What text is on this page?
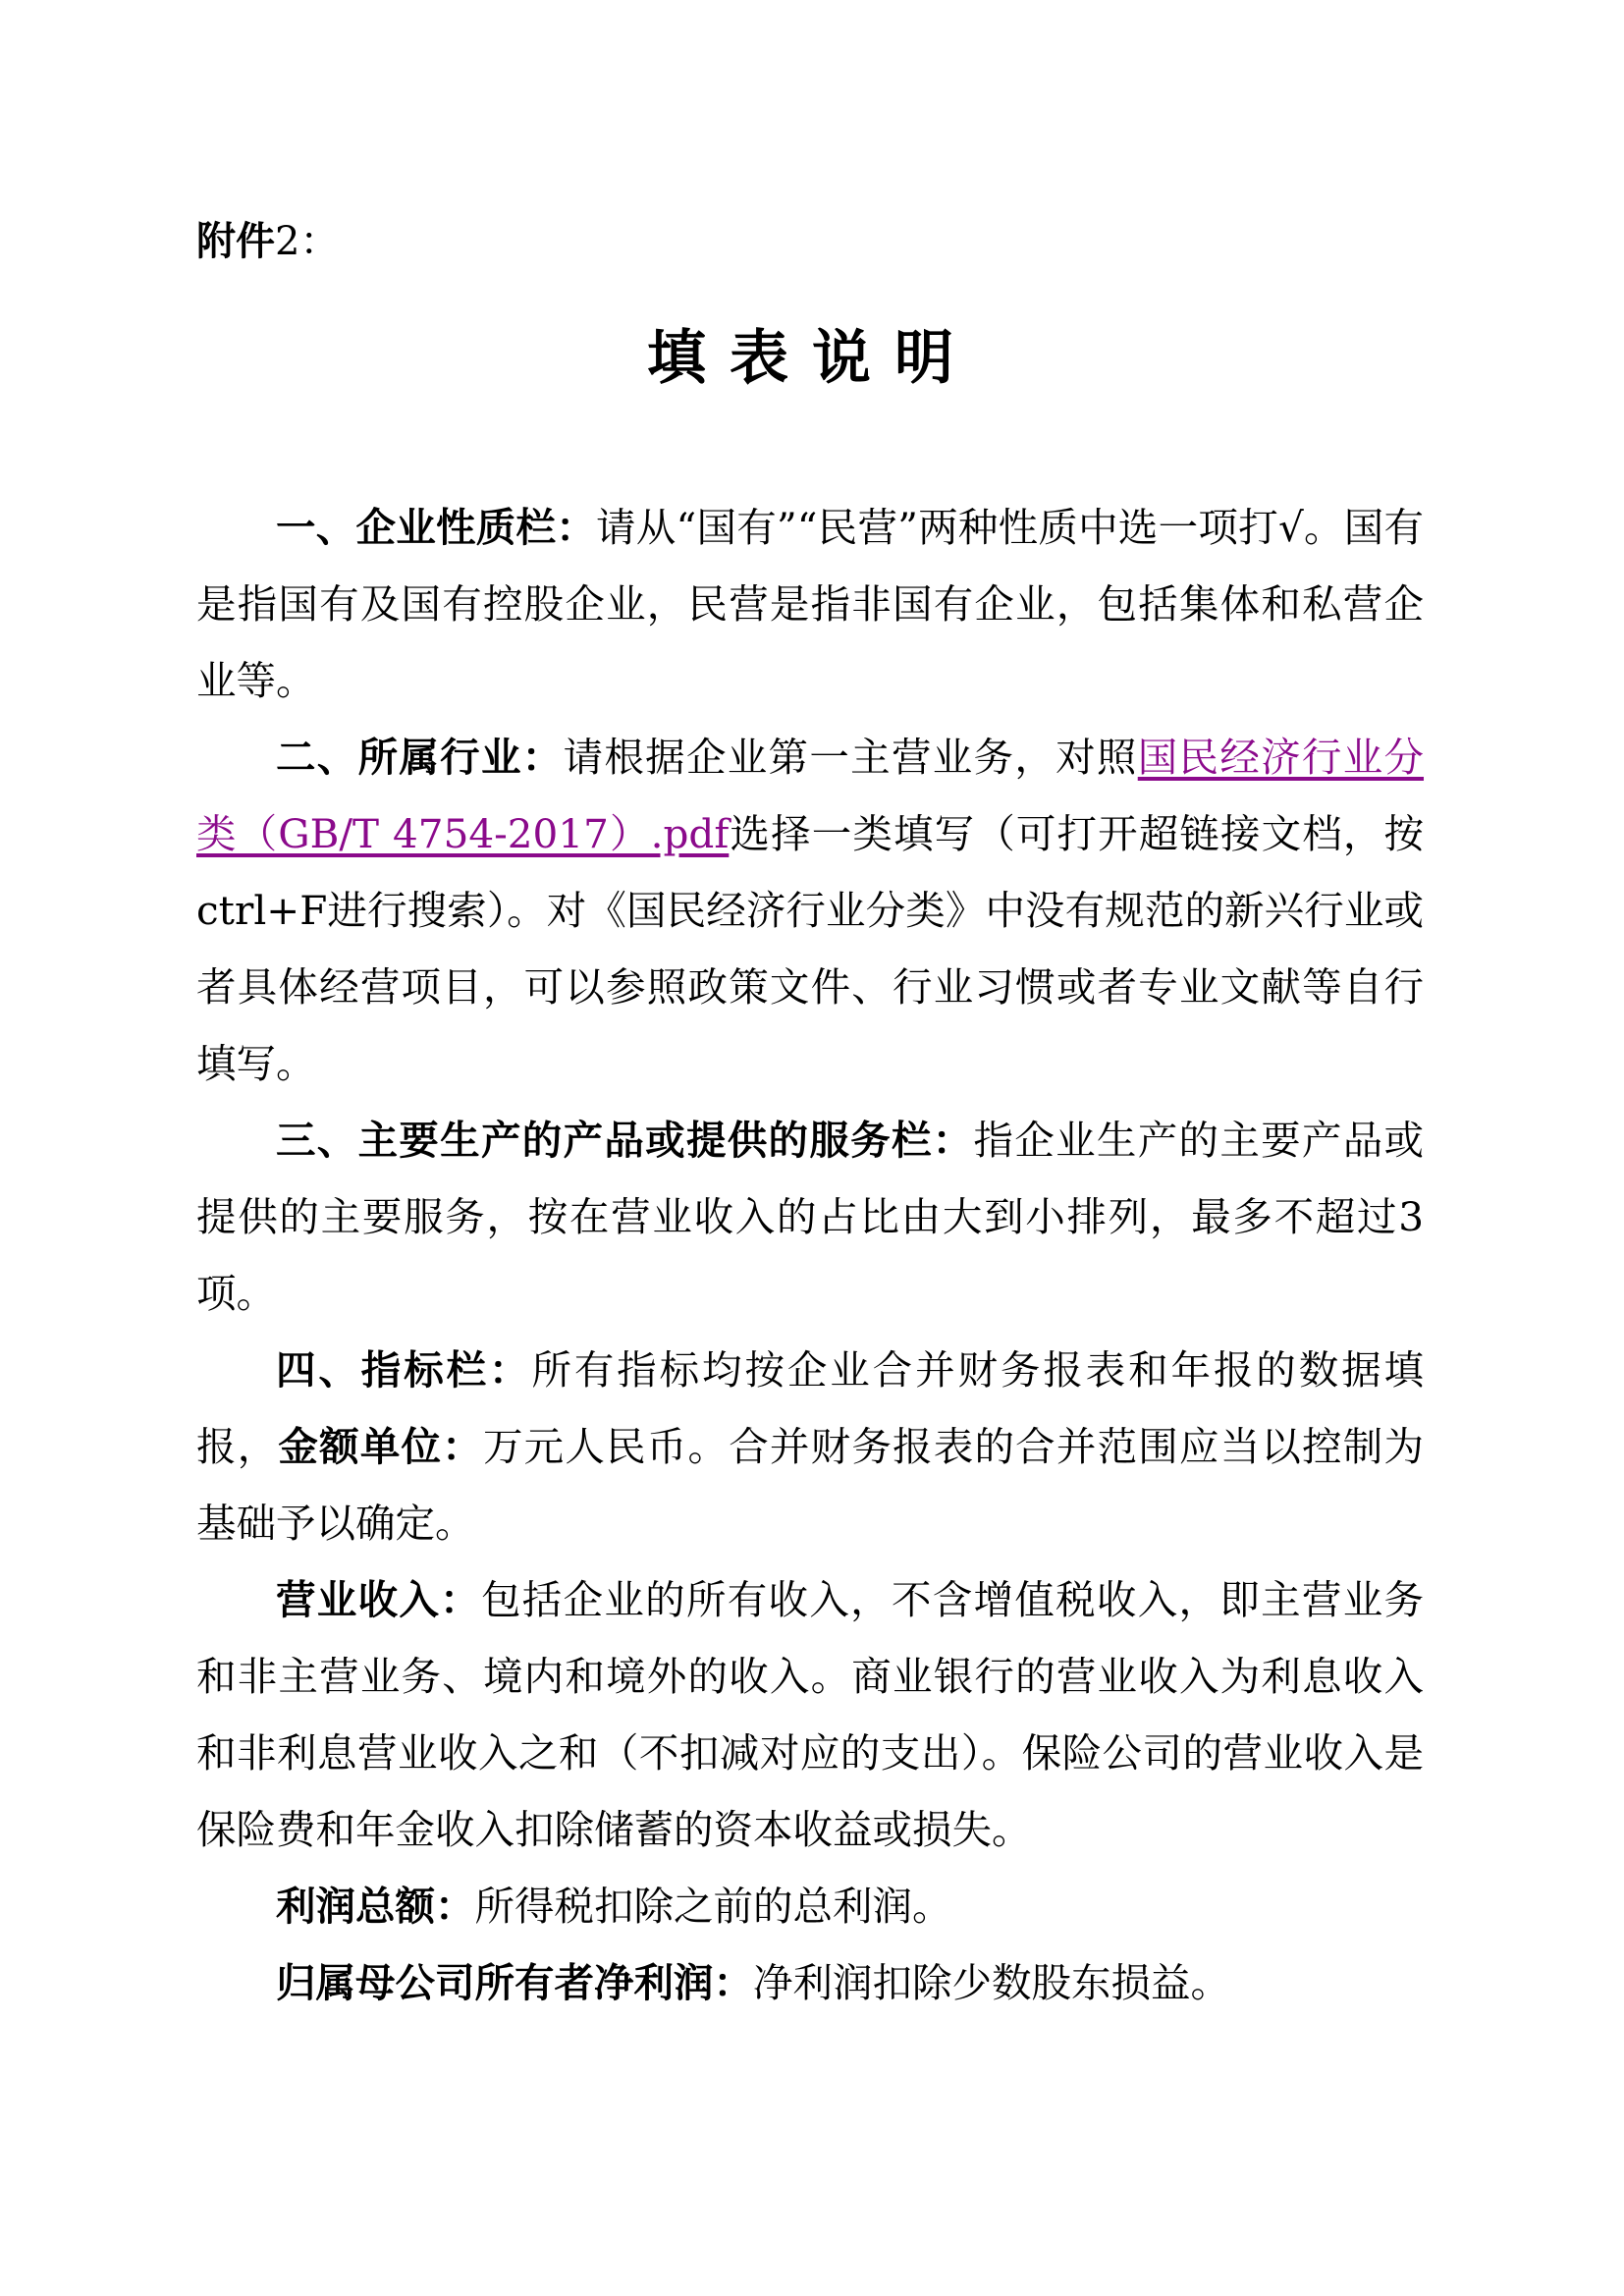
附件2：
填表说明

一、企业性质栏：请从“国有”“民营”两种性质中选一项打√。国有是指国有及国有控股企业，民营是指非国有企业，包括集体和私营企业等。

二、所属行业：请根据企业第一主营业务，对照国民经济行业分类（GB/T 4754-2017）.pdf选择一类填写（可打开超链接文档，按ctrl+F进行搜索）。对《国民经济行业分类》中没有规范的新兴行业或者具体经营项目，可以参照政策文件、行业习惯或者专业文献等自行填写。

三、主要生产的产品或提供的服务栏：指企业生产的主要产品或提供的主要服务，按在营业收入的占比由大到小排列，最多不超过3项。

四、指标栏：所有指标均按企业合并财务报表和年报的数据填报，金额单位：万元人民币。合并财务报表的合并范围应当以控制为基础予以确定。

营业收入：包括企业的所有收入，不含增值税收入，即主营业务和非主营业务、境内和境外的收入。商业银行的营业收入为利息收入和非利息营业收入之和（不扣减对应的支出）。保险公司的营业收入是保险费和年金收入扣除储蓄的资本收益或损失。

利润总额：所得税扣除之前的总利润。

归属母公司所有者净利润：净利润扣除少数股东损益。
